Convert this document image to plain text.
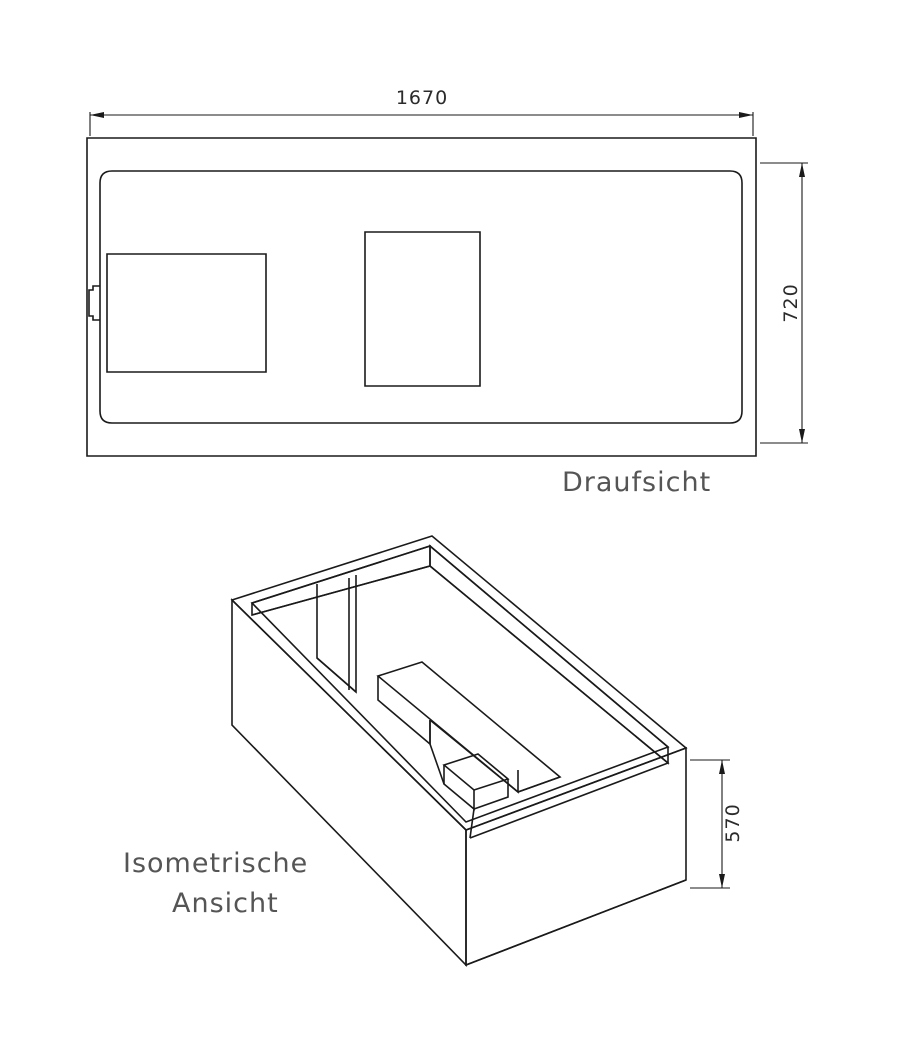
1670
720
570
Draufsicht
Isometrische
Ansicht
